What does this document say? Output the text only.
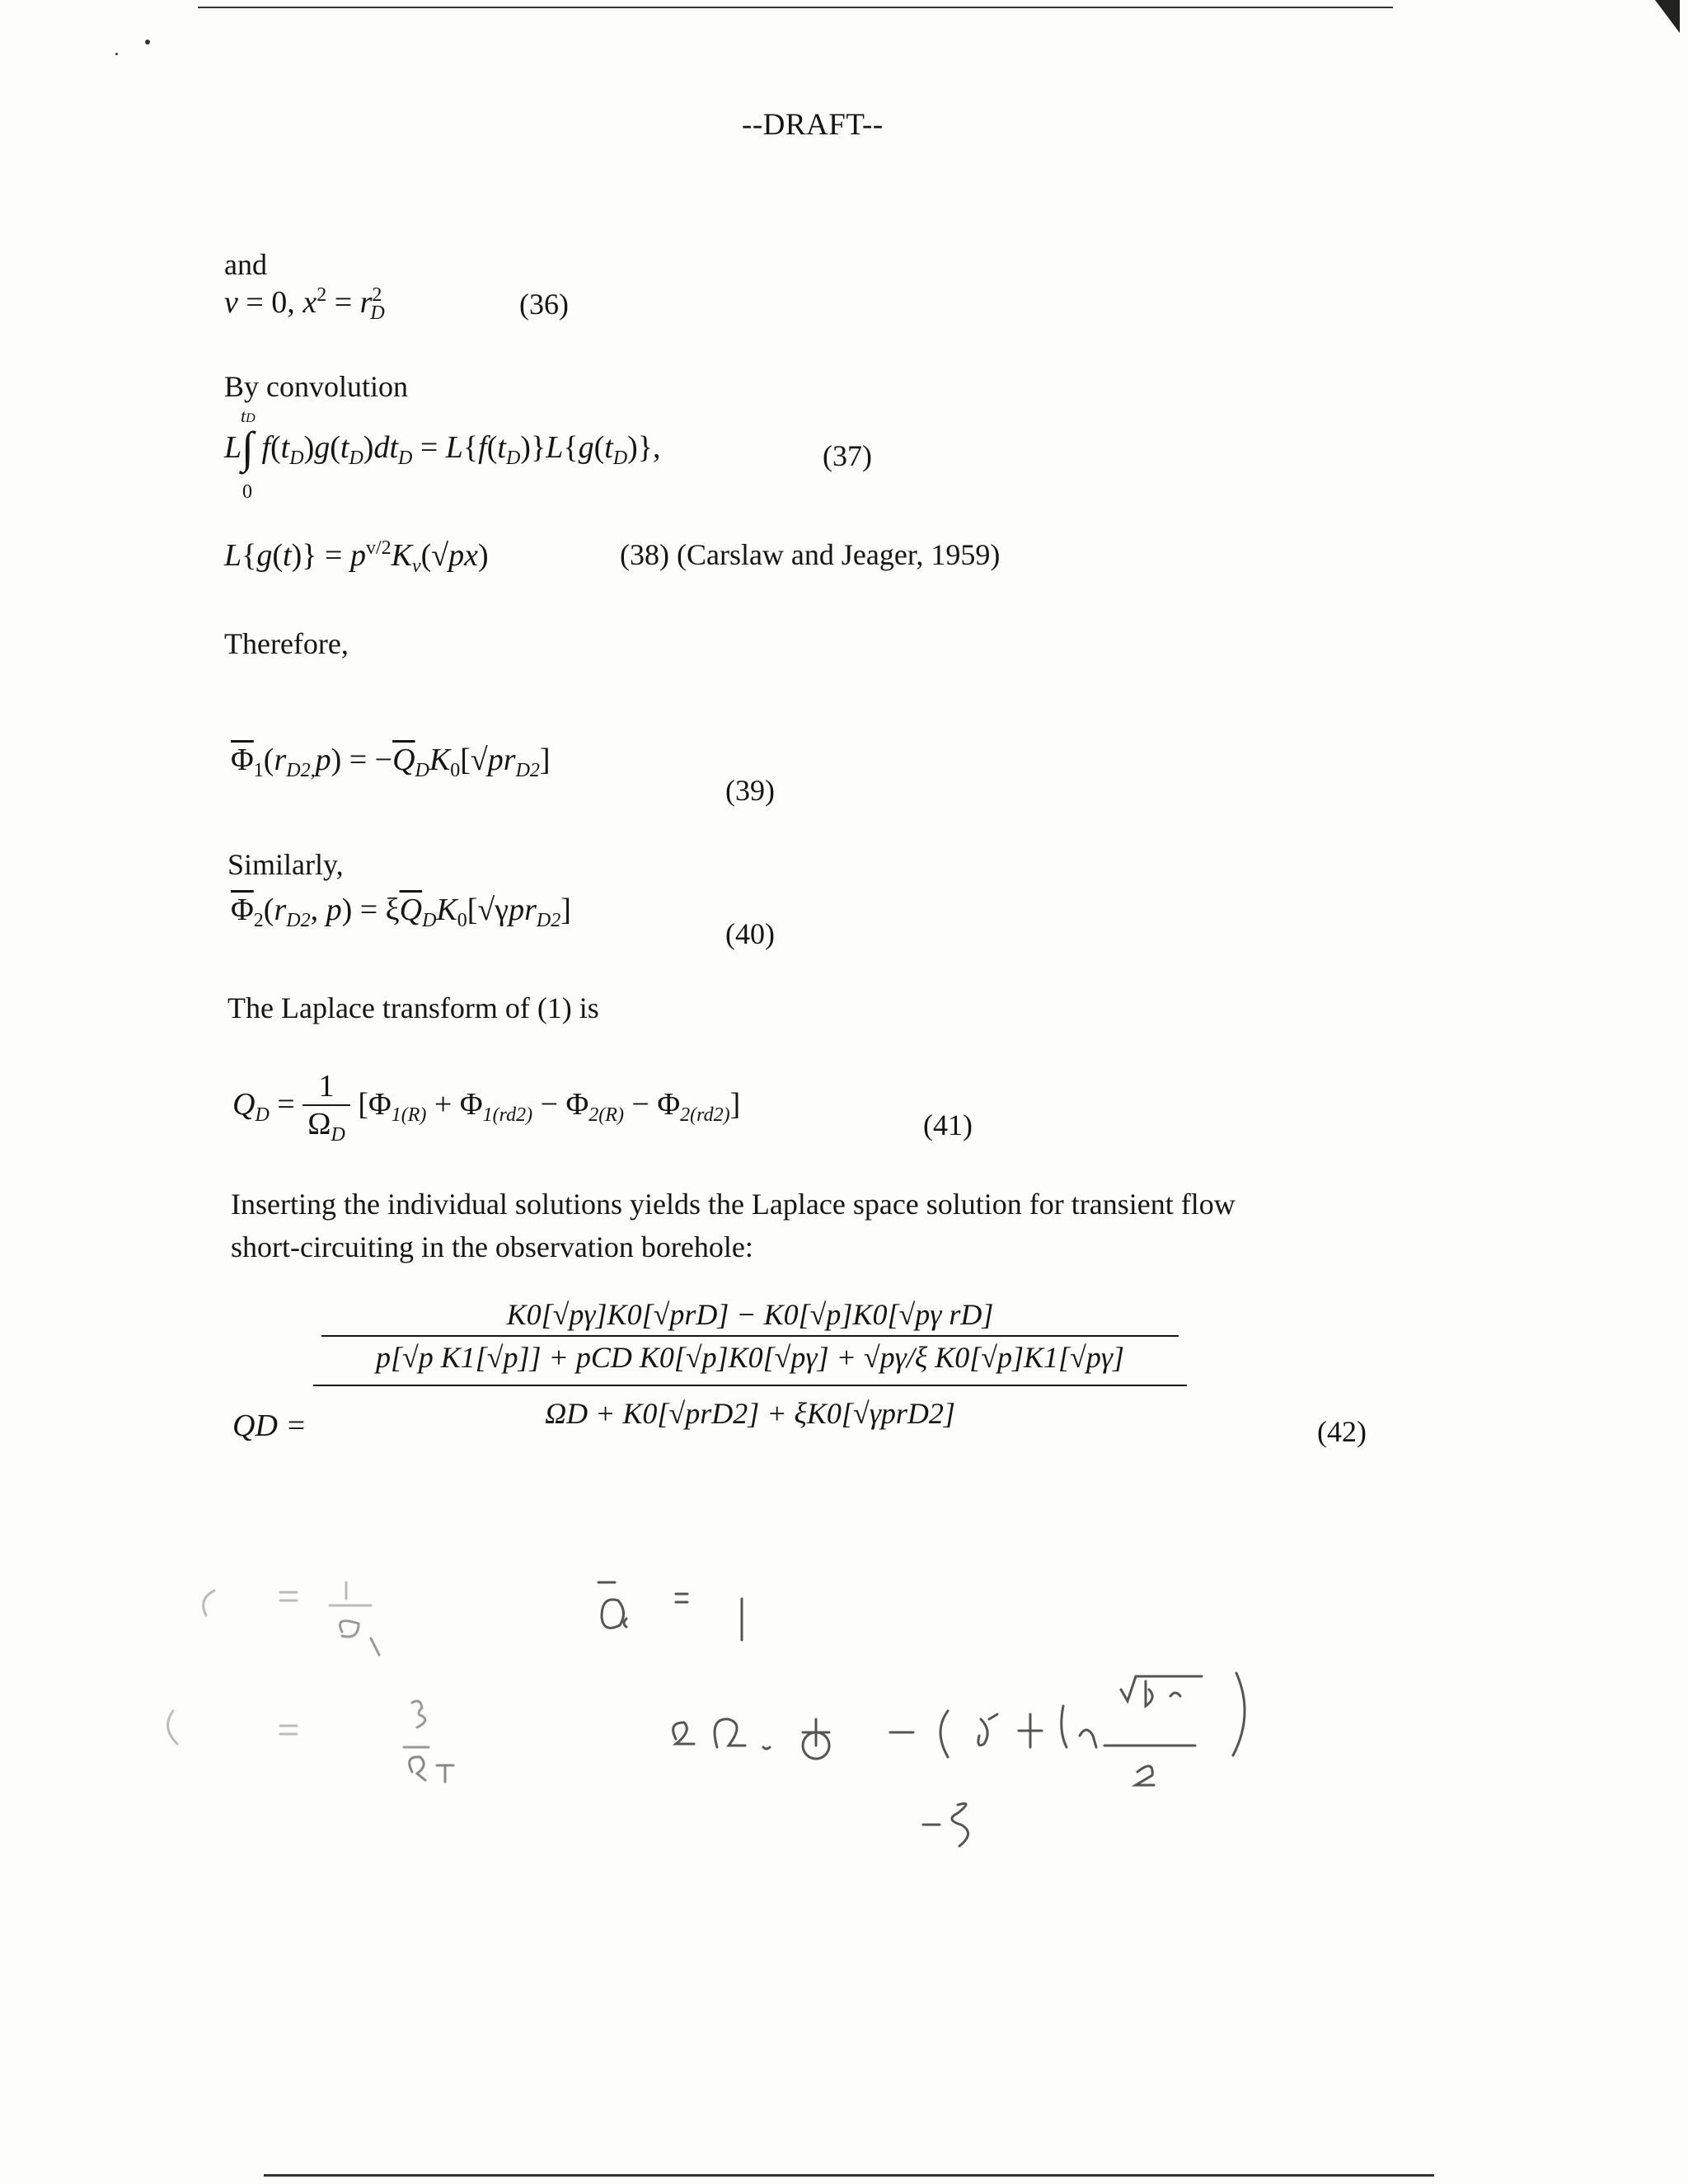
--DRAFT--
and
v = 0, $x^2 = r^2_D$	(36)
By convolution
tD
L∫
0
$f(t_D)g(t_D)dt_D = L\{f(t_D)\}L\{g(t_D)\}$,	(37)
$L\{g(t)\} = p^{v/2}K_v(√px)$	(38) (Carslaw and Jeager, 1959)
Therefore,
$\overline{\Phi}_1(r_{D2,}p) = -\overline{Q}_DK_0[√pr_{D2}]$
(39)
Similarly,
$\overline{\Phi}_2(r_{D2}$, $p) = \xi\overline{Q}_DK_0[√\gamma pr_{D2}]$
(40)
The Laplace transform of (1) is
$Q_D = \frac{1}{\Omega_D} [\Phi_{1(R)} + \Phi_{1(rd2)} - \Phi_{2(R)} - \Phi_{2(rd2)}]$
(41)
Inserting the individual solutions yields the Laplace space solution for transient flow
short-circuiting in the observation borehole:
QD =
K0[√pγ]K0[√prD] − K0[√p]K0[√pγ rD]
p[√p K1[√p]] + pCD K0[√p]K0[√pγ] + √pγ/ξ K0[√p]K1[√pγ]
ΩD + K0[√prD2] + ξK0[√γprD2]
(42)
